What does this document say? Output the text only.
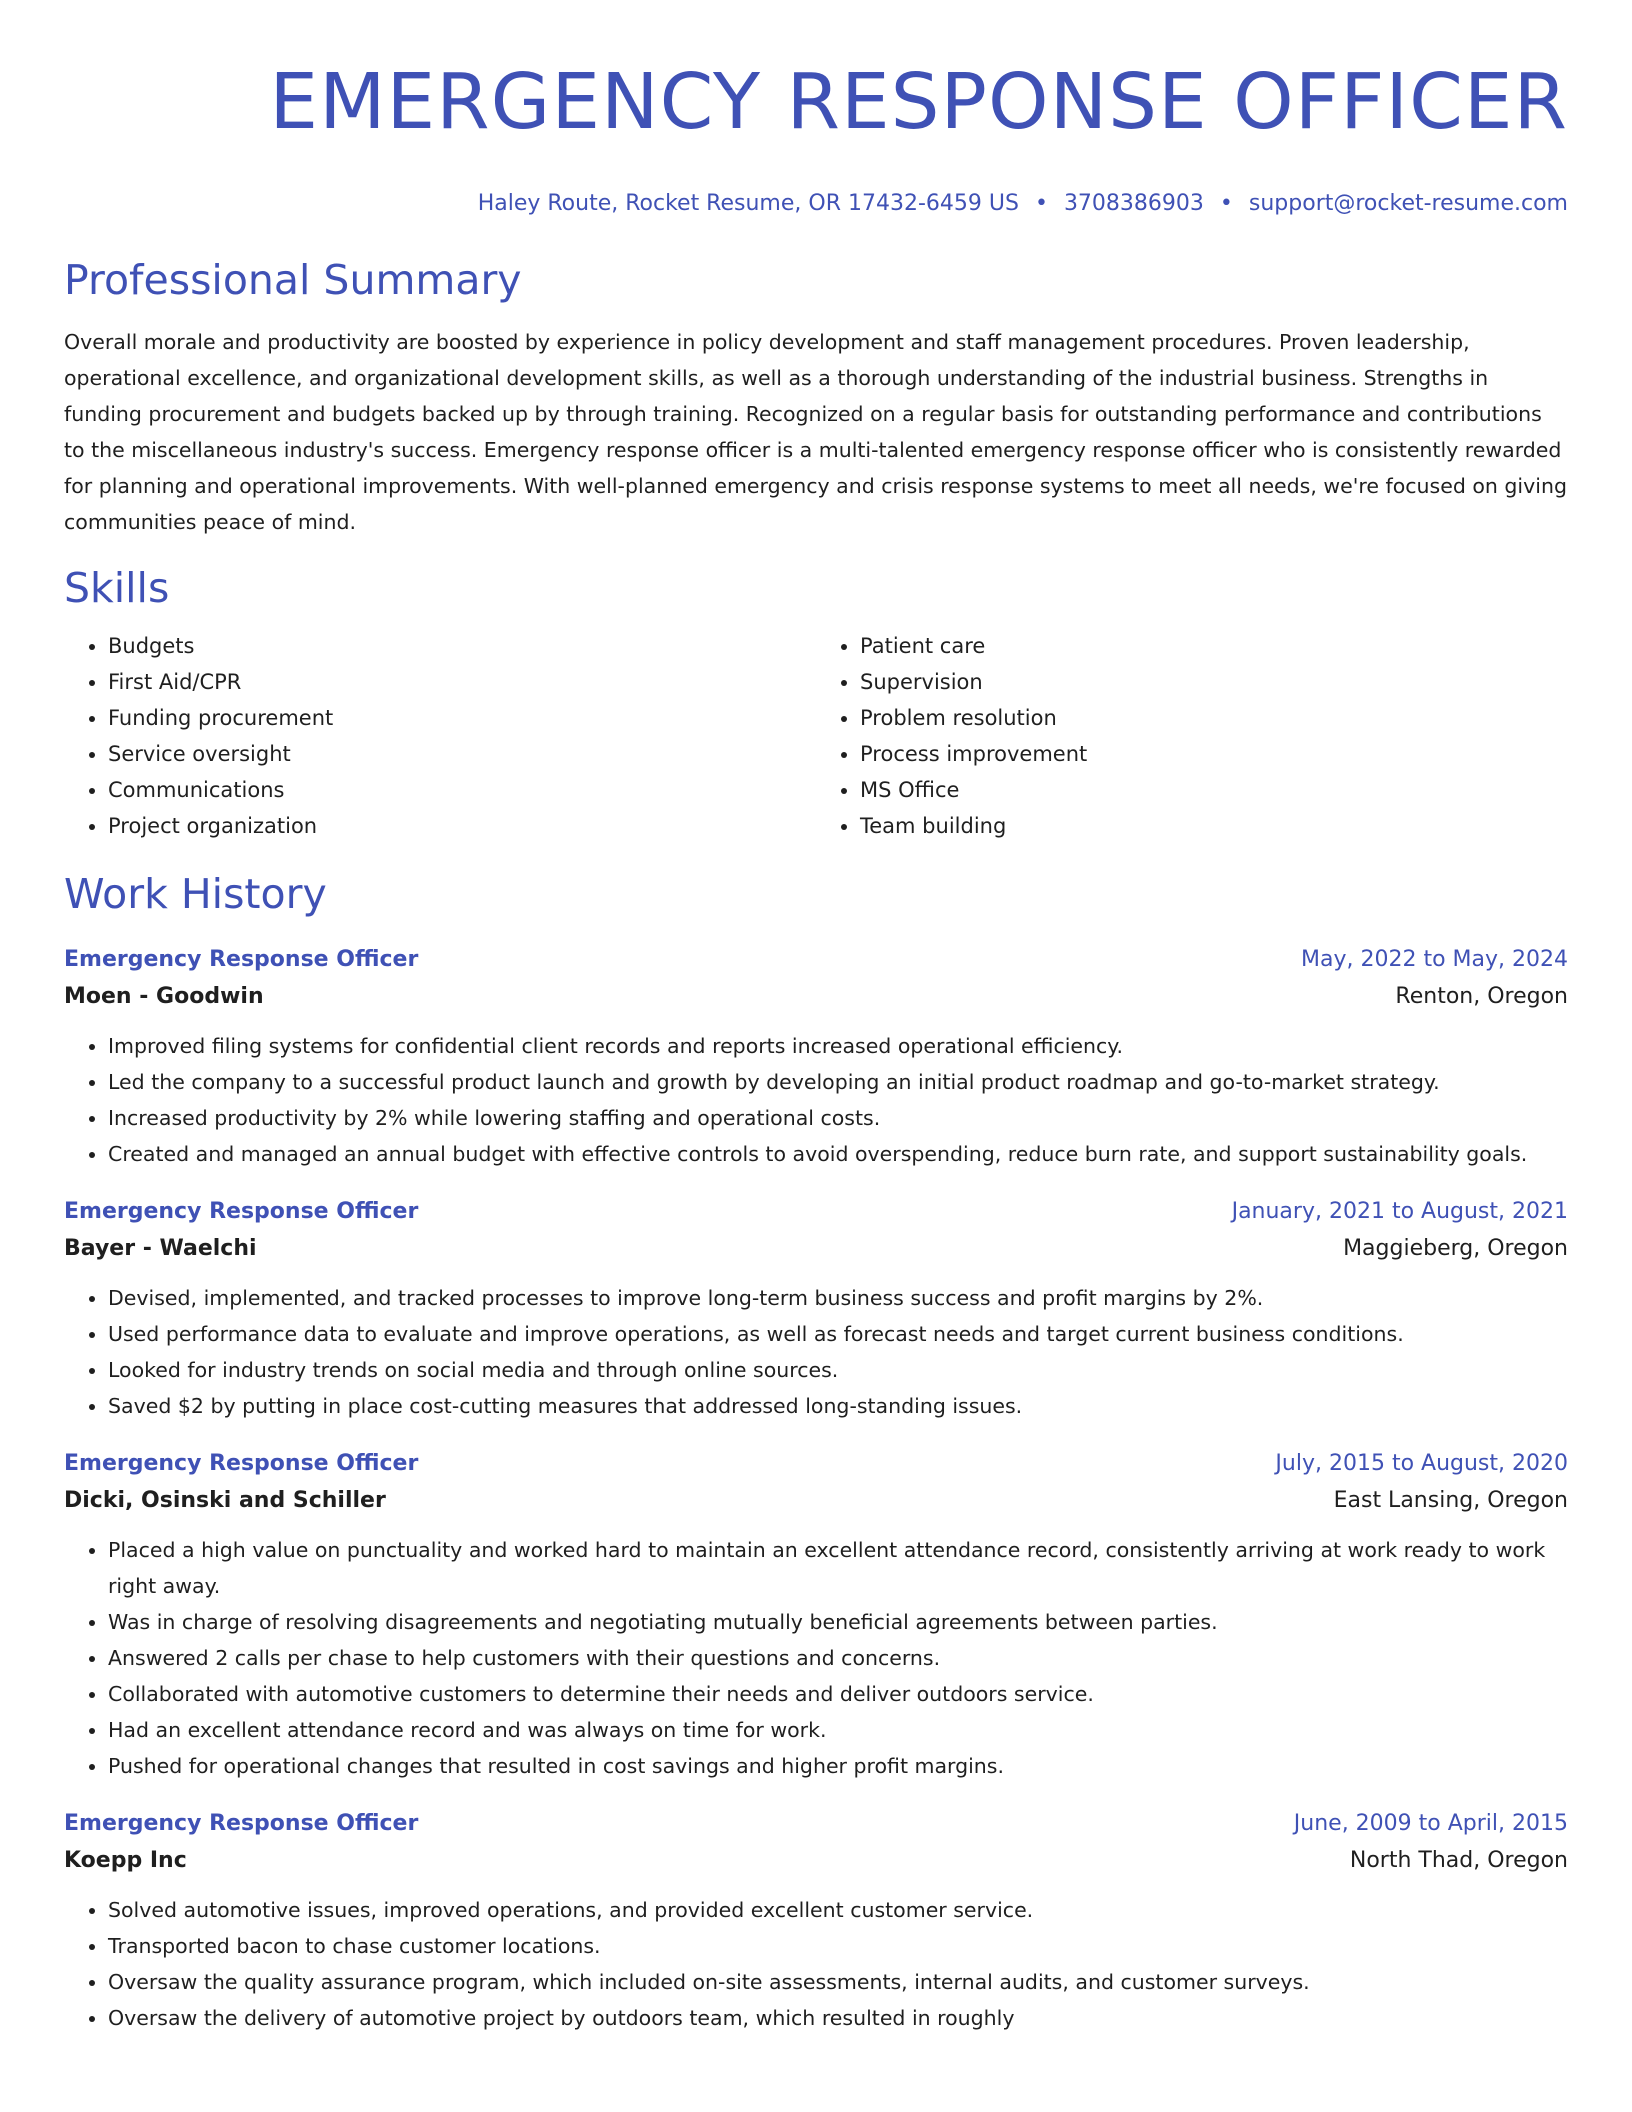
EMERGENCY RESPONSE OFFICER
Haley Route, Rocket Resume, OR 17432-6459 US • 3708386903 • support@rocket-resume.com
Professional Summary

Overall morale and productivity are boosted by experience in policy development and staff management procedures. Proven leadership, operational excellence, and organizational development skills, as well as a thorough understanding of the industrial business. Strengths in funding procurement and budgets backed up by through training. Recognized on a regular basis for outstanding performance and contributions to the miscellaneous industry's success. Emergency response officer is a multi-talented emergency response officer who is consistently rewarded for planning and operational improvements. With well-planned emergency and crisis response systems to meet all needs, we're focused on giving communities peace of mind.

Skills
• Budgets
• First Aid/CPR
• Funding procurement
• Service oversight
• Communications
• Project organization
• Patient care
• Supervision
• Problem resolution
• Process improvement
• MS Office
• Team building
Work History
Emergency Response Officer	May, 2022 to May, 2024
Moen - Goodwin	Renton, Oregon
• Improved filing systems for confidential client records and reports increased operational efficiency.
• Led the company to a successful product launch and growth by developing an initial product roadmap and go-to-market strategy.
• Increased productivity by 2% while lowering staffing and operational costs.
• Created and managed an annual budget with effective controls to avoid overspending, reduce burn rate, and support sustainability goals.
Emergency Response Officer	January, 2021 to August, 2021
Bayer - Waelchi	Maggieberg, Oregon
• Devised, implemented, and tracked processes to improve long-term business success and profit margins by 2%.
• Used performance data to evaluate and improve operations, as well as forecast needs and target current business conditions.
• Looked for industry trends on social media and through online sources.
• Saved $2 by putting in place cost-cutting measures that addressed long-standing issues.
Emergency Response Officer	July, 2015 to August, 2020
Dicki, Osinski and Schiller	East Lansing, Oregon
• Placed a high value on punctuality and worked hard to maintain an excellent attendance record, consistently arriving at work ready to work right away.
• Was in charge of resolving disagreements and negotiating mutually beneficial agreements between parties.
• Answered 2 calls per chase to help customers with their questions and concerns.
• Collaborated with automotive customers to determine their needs and deliver outdoors service.
• Had an excellent attendance record and was always on time for work.
• Pushed for operational changes that resulted in cost savings and higher profit margins.
Emergency Response Officer	June, 2009 to April, 2015
Koepp Inc	North Thad, Oregon
• Solved automotive issues, improved operations, and provided excellent customer service.
• Transported bacon to chase customer locations.
• Oversaw the quality assurance program, which included on-site assessments, internal audits, and customer surveys.
• Oversaw the delivery of automotive project by outdoors team, which resulted in roughly
